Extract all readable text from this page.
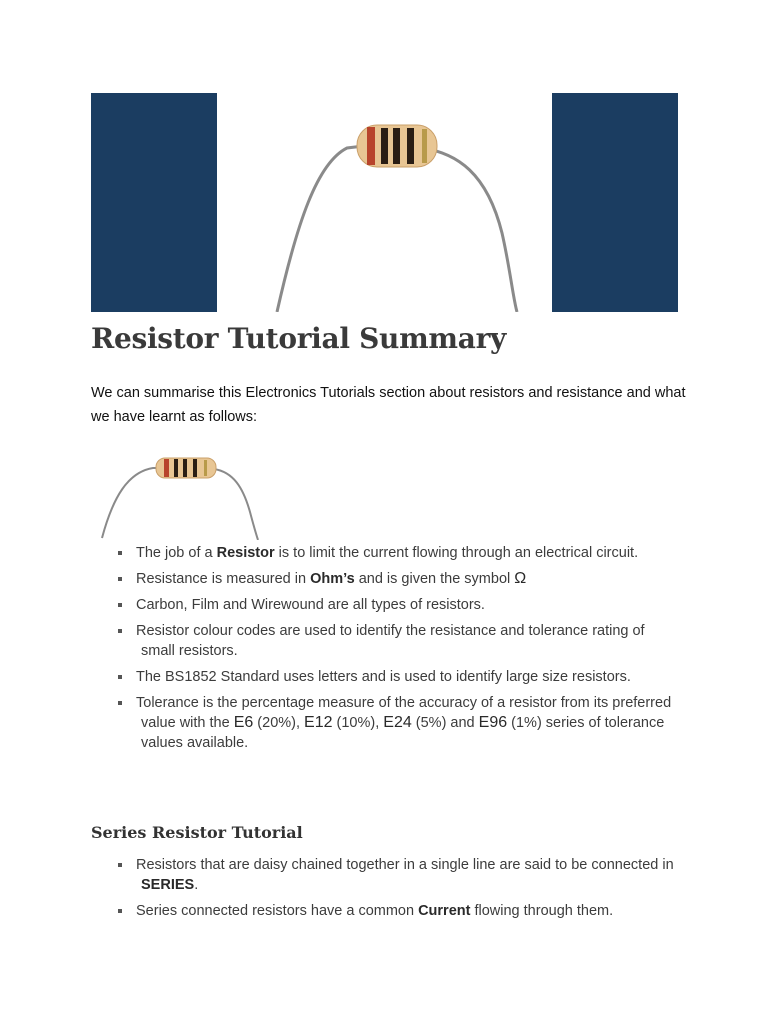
Resistor Tutorial Summary

We can summarise this Electronics Tutorials section about resistors and resistance and what we have learnt as follows:

The job of a Resistor is to limit the current flowing through an electrical circuit.
Resistance is measured in Ohm’s and is given the symbol Ω
Carbon, Film and Wirewound are all types of resistors.
Resistor colour codes are used to identify the resistance and tolerance rating of small resistors.
The BS1852 Standard uses letters and is used to identify large size resistors.
Tolerance is the percentage measure of the accuracy of a resistor from its preferred value with the E6 (20%), E12 (10%), E24 (5%) and E96 (1%) series of tolerance values available.
Series Resistor Tutorial
Resistors that are daisy chained together in a single line are said to be connected in SERIES.
Series connected resistors have a common Current flowing through them.
